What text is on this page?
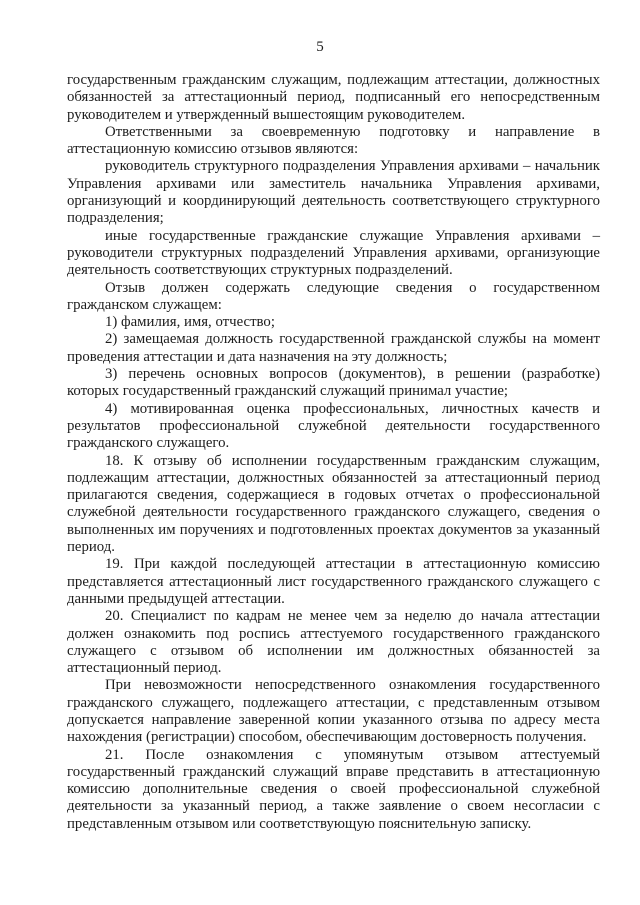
5

государственным гражданским служащим, подлежащим аттестации, должностных обязанностей за аттестационный период, подписанный его непосредственным руководителем и утвержденный вышестоящим руководителем.

Ответственными за своевременную подготовку и направление в аттестационную комиссию отзывов являются:

руководитель структурного подразделения Управления архивами – начальник Управления архивами или заместитель начальника Управления архивами, организующий и координирующий деятельность соответствующего структурного подразделения;

иные государственные гражданские служащие Управления архивами – руководители структурных подразделений Управления архивами, организующие деятельность соответствующих структурных подразделений.

Отзыв должен содержать следующие сведения о государственном гражданском служащем:

1) фамилия, имя, отчество;

2) замещаемая должность государственной гражданской службы на момент проведения аттестации и дата назначения на эту должность;

3) перечень основных вопросов (документов), в решении (разработке) которых государственный гражданский служащий принимал участие;

4) мотивированная оценка профессиональных, личностных качеств и результатов профессиональной служебной деятельности государственного гражданского служащего.

18. К отзыву об исполнении государственным гражданским служащим, подлежащим аттестации, должностных обязанностей за аттестационный период прилагаются сведения, содержащиеся в годовых отчетах о профессиональной служебной деятельности государственного гражданского служащего, сведения о выполненных им поручениях и подготовленных проектах документов за указанный период.

19. При каждой последующей аттестации в аттестационную комиссию представляется аттестационный лист государственного гражданского служащего с данными предыдущей аттестации.

20. Специалист по кадрам не менее чем за неделю до начала аттестации должен ознакомить под роспись аттестуемого государственного гражданского служащего с отзывом об исполнении им должностных обязанностей за аттестационный период.

При невозможности непосредственного ознакомления государственного гражданского служащего, подлежащего аттестации, с представленным отзывом допускается направление заверенной копии указанного отзыва по адресу места нахождения (регистрации) способом, обеспечивающим достоверность получения.

21. После ознакомления с упомянутым отзывом аттестуемый государственный гражданский служащий вправе представить в аттестационную комиссию дополнительные сведения о своей профессиональной служебной деятельности за указанный период, а также заявление о своем несогласии с представленным отзывом или соответствующую пояснительную записку.
